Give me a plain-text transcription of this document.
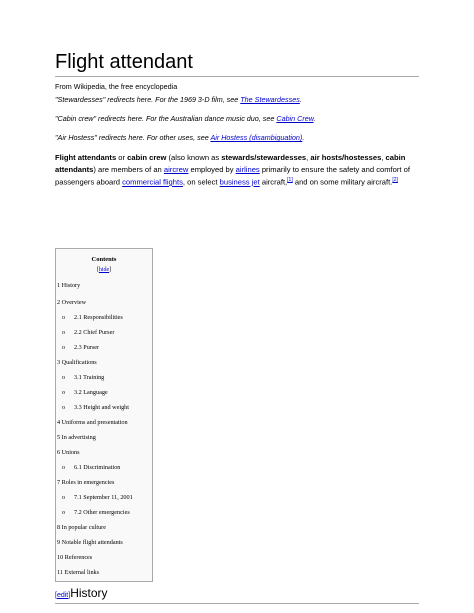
Flight attendant
From Wikipedia, the free encyclopedia
"Stewardesses" redirects here. For the 1969 3-D film, see The Stewardesses.
"Cabin crew" redirects here. For the Australian dance music duo, see Cabin Crew.
"Air Hostess" redirects here. For other uses, see Air Hostess (disambiguation).
Flight attendants or cabin crew (also known as stewards/stewardesses, air hosts/hostesses, cabin attendants) are members of an aircrew employed by airlines primarily to ensure the safety and comfort of passengers aboard commercial flights, on select business jet aircraft,[1] and on some military aircraft.[2]
Contents
[hide]
1 History
2 Overview
o 2.1 Responsibilities
o 2.2 Chief Purser
o 2.3 Purser
3 Qualifications
o 3.1 Training
o 3.2 Language
o 3.3 Height and weight
4 Uniforms and presentation
5 In advertising
6 Unions
o 6.1 Discrimination
7 Roles in emergencies
o 7.1 September 11, 2001
o 7.2 Other emergencies
8 In popular culture
9 Notable flight attendants
10 References
11 External links
[edit]History
